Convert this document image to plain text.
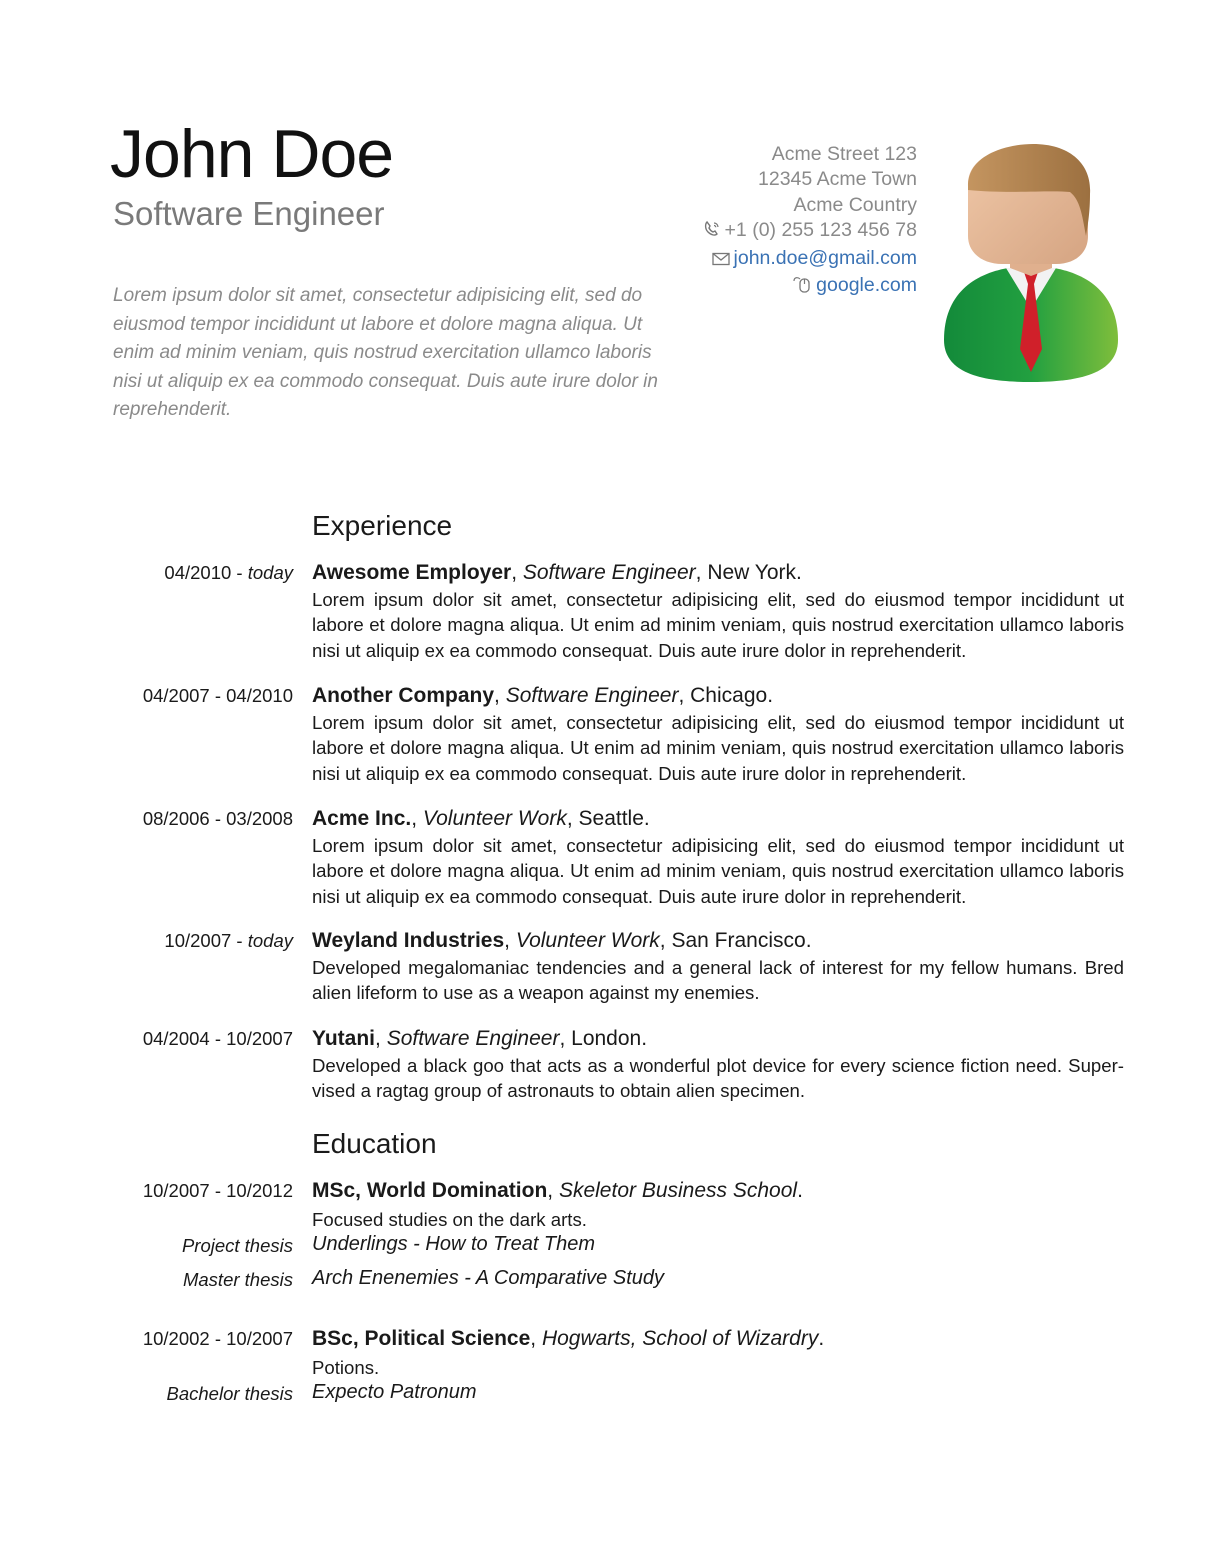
John Doe
Software Engineer

Lorem ipsum dolor sit amet, consectetur adipisicing elit, sed do eiusmod tempor incididunt ut labore et dolore magna aliqua. Ut enim ad minim veniam, quis nostrud exercitation ullamco laboris nisi ut aliquip ex ea commodo consequat. Duis aute irure dolor in reprehenderit.

Acme Street 123
12345 Acme Town
Acme Country
+1 (0) 255 123 456 78
john.doe@gmail.com
google.com
Experience
04/2010 - today Awesome Employer, Software Engineer, New York.

Lorem ipsum dolor sit amet, consectetur adipisicing elit, sed do eiusmod tempor incididunt ut labore et dolore magna aliqua. Ut enim ad minim veniam, quis nostrud exercitation ullamco laboris nisi ut aliquip ex ea commodo consequat. Duis aute irure dolor in reprehenderit.

04/2007 - 04/2010 Another Company, Software Engineer, Chicago.

Lorem ipsum dolor sit amet, consectetur adipisicing elit, sed do eiusmod tempor incididunt ut labore et dolore magna aliqua. Ut enim ad minim veniam, quis nostrud exercitation ullamco laboris nisi ut aliquip ex ea commodo consequat. Duis aute irure dolor in reprehenderit.

08/2006 - 03/2008 Acme Inc., Volunteer Work, Seattle.

Lorem ipsum dolor sit amet, consectetur adipisicing elit, sed do eiusmod tempor incididunt ut labore et dolore magna aliqua. Ut enim ad minim veniam, quis nostrud exercitation ullamco laboris nisi ut aliquip ex ea commodo consequat. Duis aute irure dolor in reprehenderit.

10/2007 - today Weyland Industries, Volunteer Work, San Francisco.

Developed megalomaniac tendencies and a general lack of interest for my fellow humans. Bred alien lifeform to use as a weapon against my enemies.

04/2004 - 10/2007 Yutani, Software Engineer, London.

Developed a black goo that acts as a wonderful plot device for every science fiction need. Supervised a ragtag group of astronauts to obtain alien specimen.

Education
10/2007 - 10/2012 MSc, World Domination, Skeletor Business School.

Focused studies on the dark arts.

Project thesis Underlings - How to Treat Them
Master thesis Arch Enenemies - A Comparative Study
10/2002 - 10/2007 BSc, Political Science, Hogwarts, School of Wizardry.

Potions.

Bachelor thesis Expecto Patronum
